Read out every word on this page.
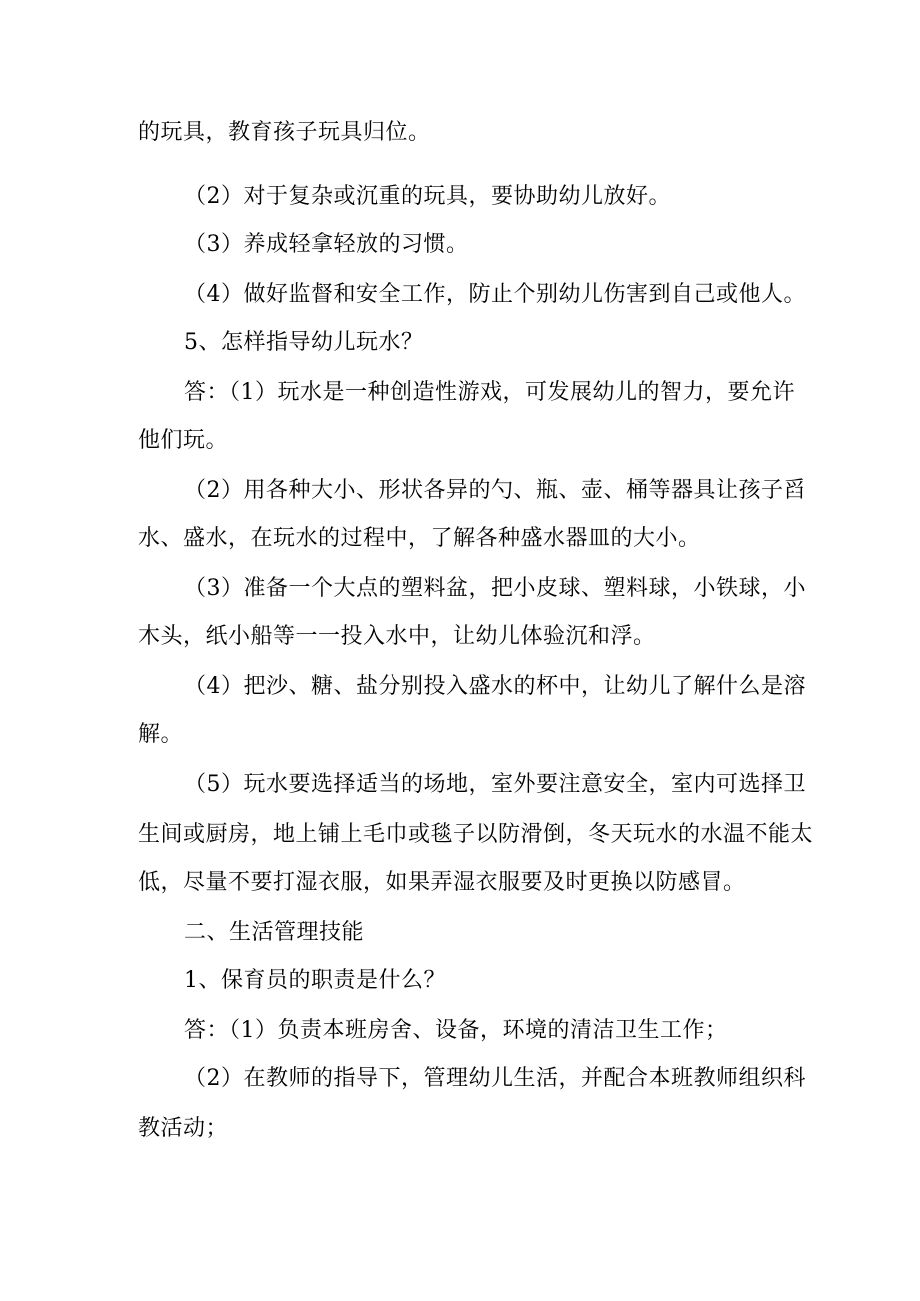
的玩具，教育孩子玩具归位。
（2）对于复杂或沉重的玩具，要协助幼儿放好。
（3）养成轻拿轻放的习惯。
（4）做好监督和安全工作，防止个别幼儿伤害到自己或他人。
5、怎样指导幼儿玩水？
答：（1）玩水是一种创造性游戏，可发展幼儿的智力，要允许
他们玩。
（2）用各种大小、形状各异的勺、瓶、壶、桶等器具让孩子舀
水、盛水，在玩水的过程中，了解各种盛水器皿的大小。
（3）准备一个大点的塑料盆，把小皮球、塑料球，小铁球，小
木头，纸小船等一一投入水中，让幼儿体验沉和浮。
（4）把沙、糖、盐分别投入盛水的杯中，让幼儿了解什么是溶
解。
（5）玩水要选择适当的场地，室外要注意安全，室内可选择卫
生间或厨房，地上铺上毛巾或毯子以防滑倒，冬天玩水的水温不能太
低，尽量不要打湿衣服，如果弄湿衣服要及时更换以防感冒。
二、生活管理技能
1、保育员的职责是什么？
答：（1）负责本班房舍、设备，环境的清洁卫生工作；
（2）在教师的指导下，管理幼儿生活，并配合本班教师组织科
教活动；
